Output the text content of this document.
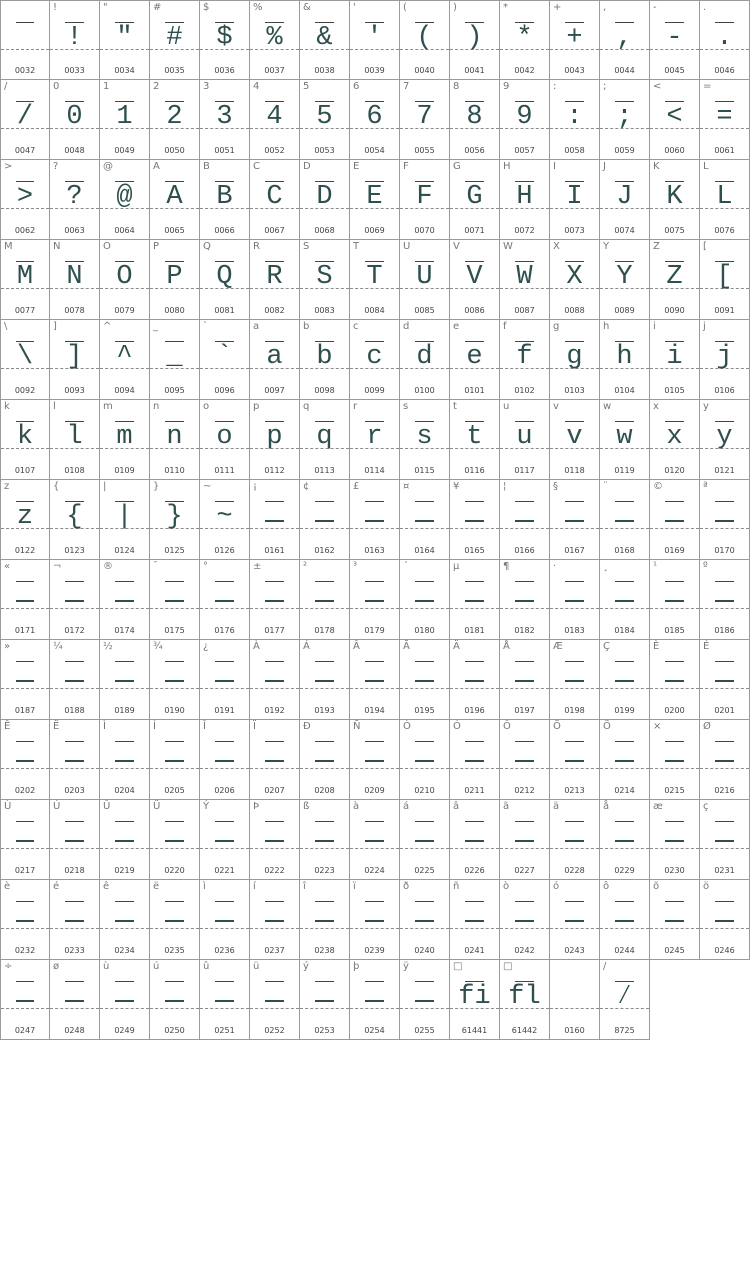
0032
!
!
0033
"
"
0034
#
#
0035
$
$
0036
%
%
0037
&
&
0038
'
'
0039
(
(
0040
)
)
0041
*
*
0042
+
+
0043
,
,
0044
-
-
0045
.
.
0046
/
/
0047
0
0
0048
1
1
0049
2
2
0050
3
3
0051
4
4
0052
5
5
0053
6
6
0054
7
7
0055
8
8
0056
9
9
0057
:
:
0058
;
;
0059
<
<
0060
=
=
0061
>
>
0062
?
?
0063
@
@
0064
A
A
0065
B
B
0066
C
C
0067
D
D
0068
E
E
0069
F
F
0070
G
G
0071
H
H
0072
I
I
0073
J
J
0074
K
K
0075
L
L
0076
M
M
0077
N
N
0078
O
O
0079
P
P
0080
Q
Q
0081
R
R
0082
S
S
0083
T
T
0084
U
U
0085
V
V
0086
W
W
0087
X
X
0088
Y
Y
0089
Z
Z
0090
[
[
0091
\
\
0092
]
]
0093
^
^
0094
_
_
0095
`
`
0096
a
a
0097
b
b
0098
c
c
0099
d
d
0100
e
e
0101
f
f
0102
g
g
0103
h
h
0104
i
i
0105
j
j
0106
k
k
0107
l
l
0108
m
m
0109
n
n
0110
o
o
0111
p
p
0112
q
q
0113
r
r
0114
s
s
0115
t
t
0116
u
u
0117
v
v
0118
w
w
0119
x
x
0120
y
y
0121
z
z
0122
{
{
0123
|
|
0124
}
}
0125
~
~
0126
¡
0161
¢
0162
£
0163
¤
0164
¥
0165
¦
0166
§
0167
¨
0168
©
0169
ª
0170
«
0171
¬
0172
®
0174
¯
0175
°
0176
±
0177
²
0178
³
0179
´
0180
µ
0181
¶
0182
·
0183
¸
0184
¹
0185
º
0186
»
0187
¼
0188
½
0189
¾
0190
¿
0191
À
0192
Á
0193
Â
0194
Ã
0195
Ä
0196
Å
0197
Æ
0198
Ç
0199
È
0200
É
0201
Ê
0202
Ë
0203
Ì
0204
Í
0205
Î
0206
Ï
0207
Ð
0208
Ñ
0209
Ò
0210
Ó
0211
Ô
0212
Õ
0213
Ö
0214
×
0215
Ø
0216
Ù
0217
Ú
0218
Û
0219
Ü
0220
Ý
0221
Þ
0222
ß
0223
à
0224
á
0225
â
0226
ã
0227
ä
0228
å
0229
æ
0230
ç
0231
è
0232
é
0233
ê
0234
ë
0235
ì
0236
í
0237
î
0238
ï
0239
ð
0240
ñ
0241
ò
0242
ó
0243
ô
0244
õ
0245
ö
0246
÷
0247
ø
0248
ù
0249
ú
0250
û
0251
ü
0252
ý
0253
þ
0254
ÿ
0255
□
fi
61441
□
fl
61442	0160
/
⁄
8725
